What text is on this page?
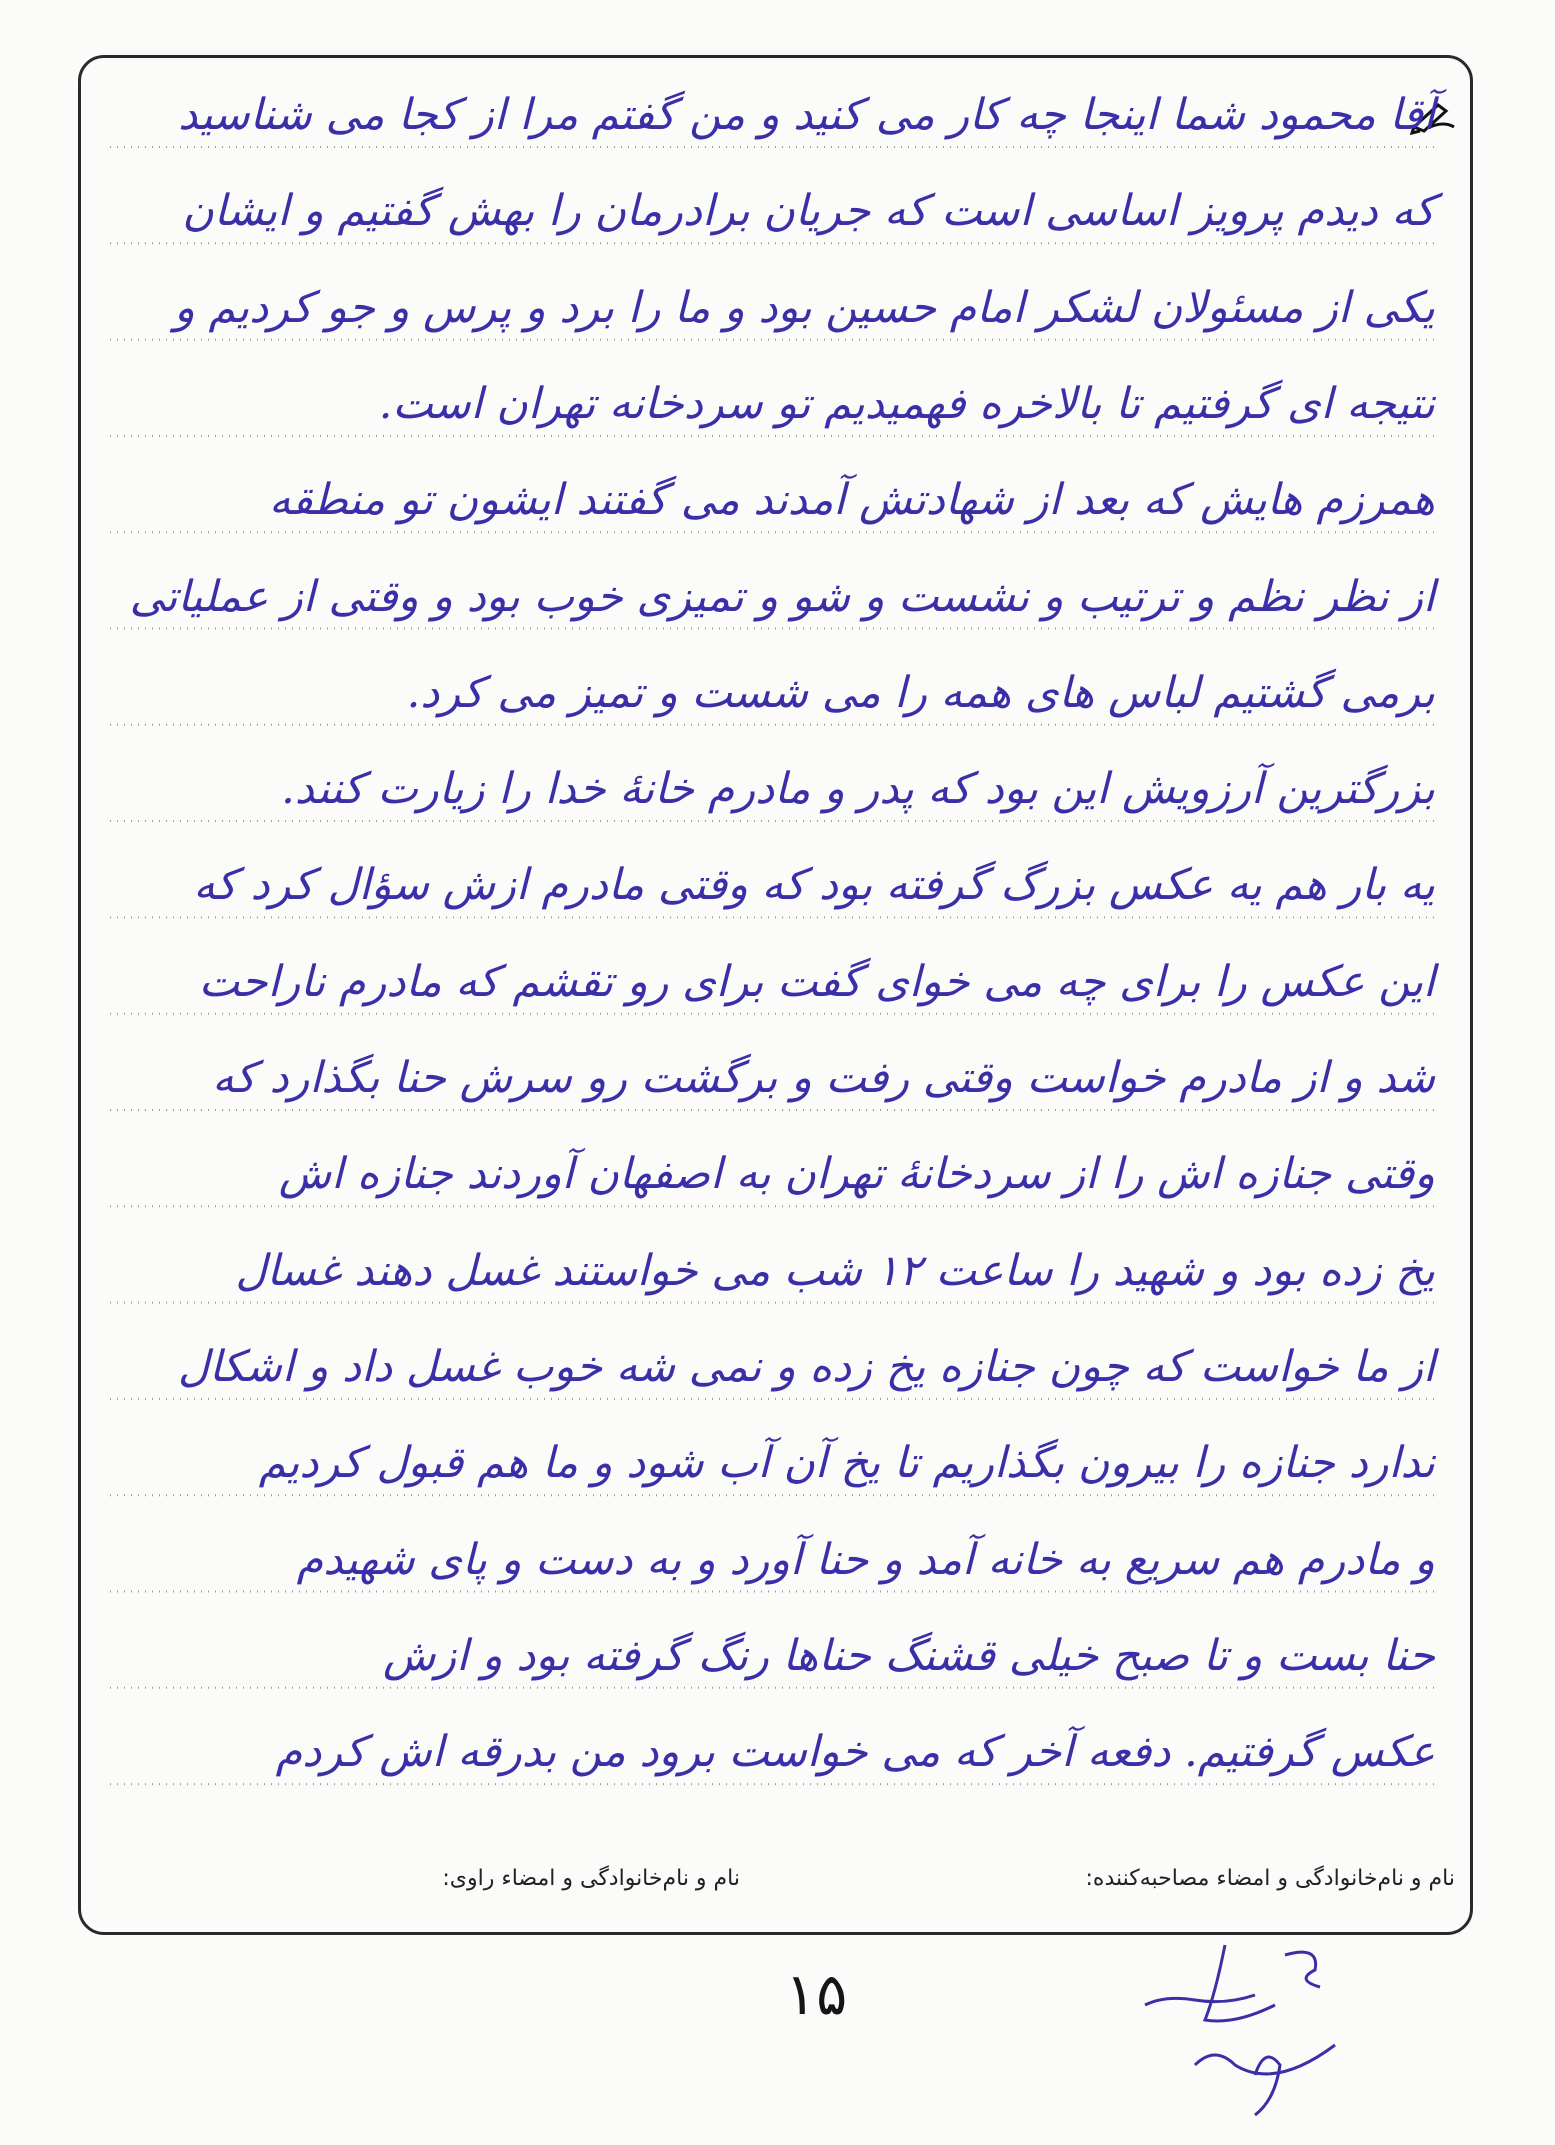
آقا محمود شما اینجا چه کار می کنید و من گفتم مرا از کجا می شناسید
که دیدم پرویز اساسی است که جریان برادرمان را بهش گفتیم و ایشان
یکی از مسئولان لشکر امام حسین بود و ما را برد و پرس و جو کردیم و
نتیجه ای گرفتیم تا بالاخره فهمیدیم تو سردخانه تهران است.
همرزم هایش که بعد از شهادتش آمدند می گفتند ایشون تو منطقه
از نظر نظم و ترتیب و نشست و شو و تمیزی خوب بود و وقتی از عملیاتی
برمی گشتیم لباس های همه را می شست و تمیز می کرد.
بزرگترین آرزویش این بود که پدر و مادرم خانهٔ خدا را زیارت کنند.
یه بار هم یه عکس بزرگ گرفته بود که وقتی مادرم ازش سؤال کرد که
این عکس را برای چه می خوای گفت برای رو تقشم که مادرم ناراحت
شد و از مادرم خواست وقتی رفت و برگشت رو سرش حنا بگذارد که
وقتی جنازه اش را از سردخانهٔ تهران به اصفهان آوردند جنازه اش
یخ زده بود و شهید را ساعت ۱۲ شب می خواستند غسل دهند غسال
از ما خواست که چون جنازه یخ زده و نمی شه خوب غسل داد و اشکال
ندارد جنازه را بیرون بگذاریم تا یخ آن آب شود و ما هم قبول کردیم
و مادرم هم سریع به خانه آمد و حنا آورد و به دست و پای شهیدم
حنا بست و تا صبح خیلی قشنگ حناها رنگ گرفته بود و ازش
عکس گرفتیم. دفعه آخر که می خواست برود من بدرقه اش کردم
نام و نام‌خانوادگی و امضاء مصاحبه‌کننده:
نام و نام‌خانوادگی و امضاء راوی:
۱۵
